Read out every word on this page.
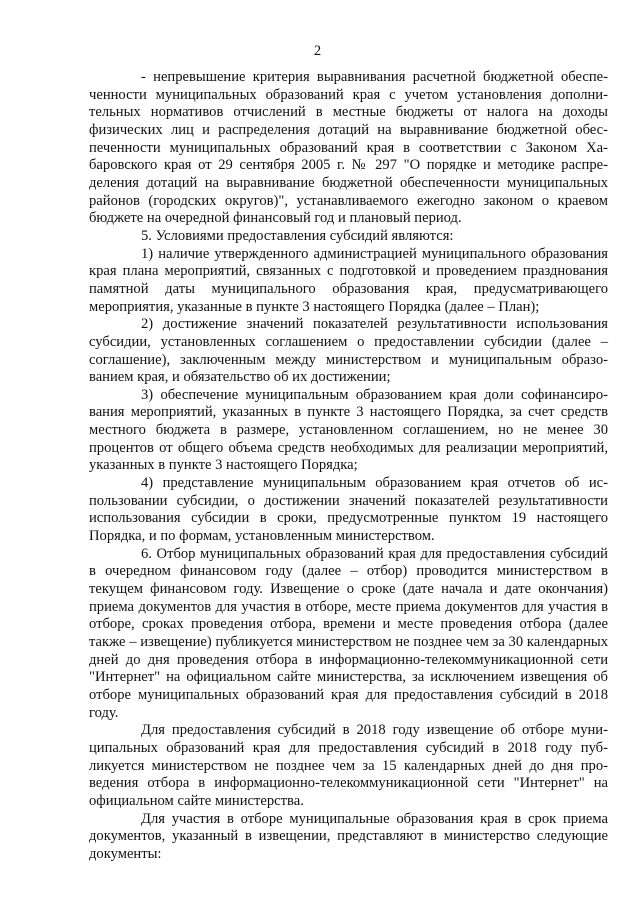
2

- непревышение критерия выравнивания расчетной бюджетной обеспеченности муниципальных образований края с учетом установления дополнительных нормативов отчислений в местные бюджеты от налога на доходы физических лиц и распределения дотаций на выравнивание бюджетной обеспеченности муниципальных образований края в соответствии с Законом Хабаровского края от 29 сентября 2005 г. № 297 "О порядке и методике распределения дотаций на выравнивание бюджетной обеспеченности муниципальных районов (городских округов)", устанавливаемого ежегодно законом о краевом бюджете на очередной финансовый год и плановый период.

5. Условиями предоставления субсидий являются:

1) наличие утвержденного администрацией муниципального образования края плана мероприятий, связанных с подготовкой и проведением празднования памятной даты муниципального образования края, предусматривающего мероприятия, указанные в пункте 3 настоящего Порядка (далее – План);

2) достижение значений показателей результативности использования субсидии, установленных соглашением о предоставлении субсидии (далее – соглашение), заключенным между министерством и муниципальным образованием края, и обязательство об их достижении;

3) обеспечение муниципальным образованием края доли софинансирования мероприятий, указанных в пункте 3 настоящего Порядка, за счет средств местного бюджета в размере, установленном соглашением, но не менее 30 процентов от общего объема средств необходимых для реализации мероприятий, указанных в пункте 3 настоящего Порядка;

4) представление муниципальным образованием края отчетов об использовании субсидии, о достижении значений показателей результативности использования субсидии в сроки, предусмотренные пунктом 19 настоящего Порядка, и по формам, установленным министерством.

6. Отбор муниципальных образований края для предоставления субсидий в очередном финансовом году (далее – отбор) проводится министерством в текущем финансовом году. Извещение о сроке (дате начала и дате окончания) приема документов для участия в отборе, месте приема документов для участия в отборе, сроках проведения отбора, времени и месте проведения отбора (далее также – извещение) публикуется министерством не позднее чем за 30 календарных дней до дня проведения отбора в информационно-телекоммуникационной сети "Интернет" на официальном сайте министерства, за исключением извещения об отборе муниципальных образований края для предоставления субсидий в 2018 году.

Для предоставления субсидий в 2018 году извещение об отборе муниципальных образований края для предоставления субсидий в 2018 году публикуется министерством не позднее чем за 15 календарных дней до дня проведения отбора в информационно-телекоммуникационной сети "Интернет" на официальном сайте министерства.

Для участия в отборе муниципальные образования края в срок приема документов, указанный в извещении, представляют в министерство следующие документы:
